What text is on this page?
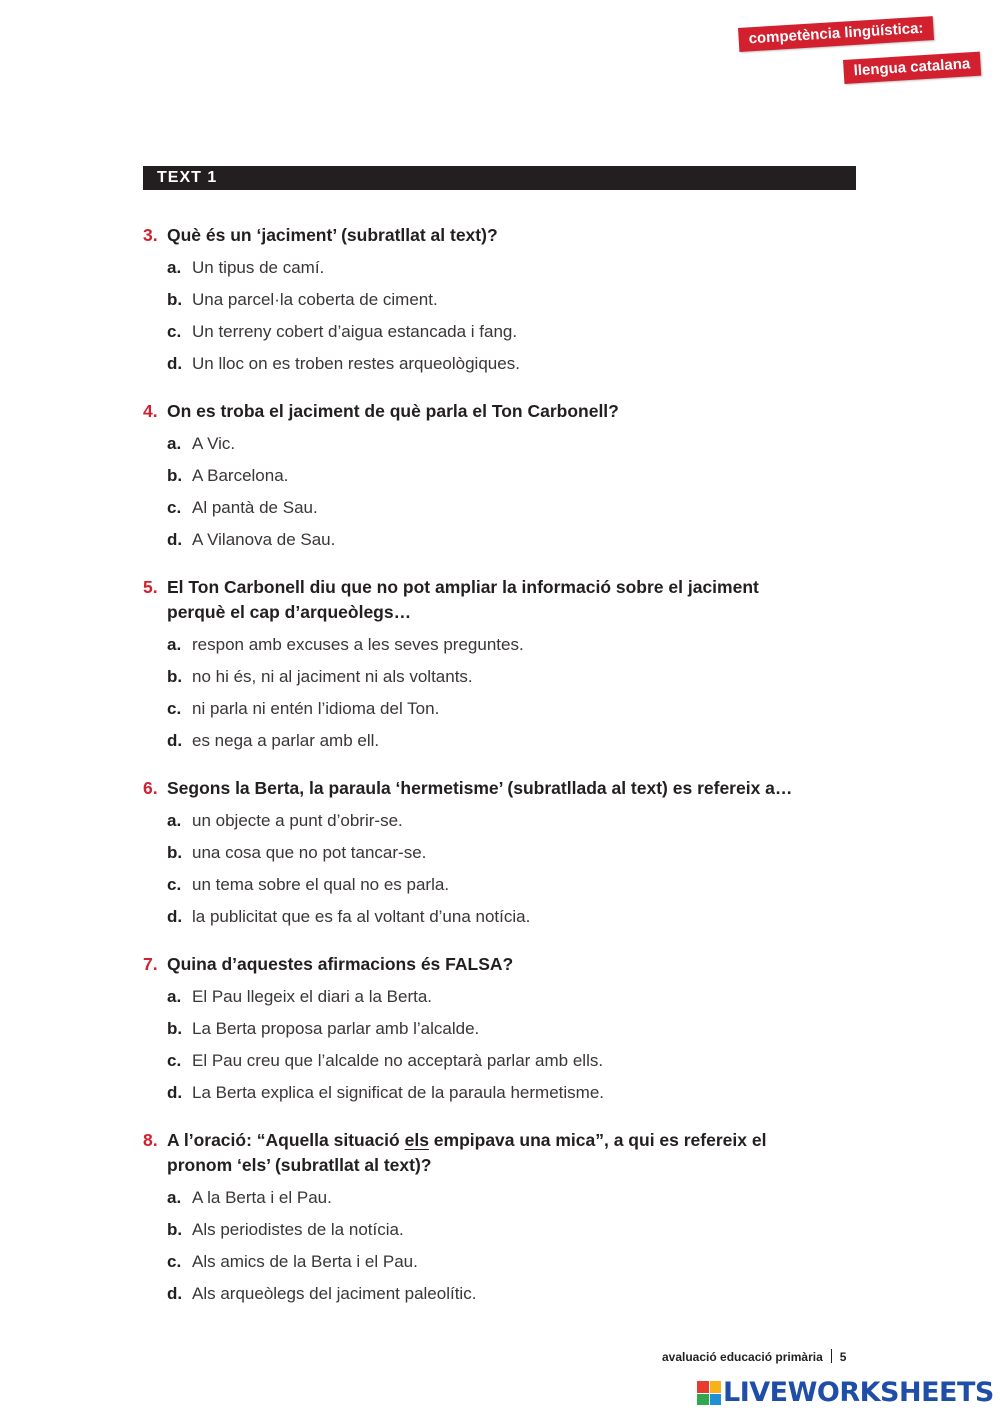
competència lingüística:
llengua catalana
TEXT 1
3. Què és un ‘jaciment’ (subratllat al text)?
a. Un tipus de camí.
b. Una parcel·la coberta de ciment.
c. Un terreny cobert d’aigua estancada i fang.
d. Un lloc on es troben restes arqueològiques.
4. On es troba el jaciment de què parla el Ton Carbonell?
a. A Vic.
b. A Barcelona.
c. Al pantà de Sau.
d. A Vilanova de Sau.
5. El Ton Carbonell diu que no pot ampliar la informació sobre el jaciment
perquè el cap d’arqueòlegs…
a. respon amb excuses a les seves preguntes.
b. no hi és, ni al jaciment ni als voltants.
c. ni parla ni entén l’idioma del Ton.
d. es nega a parlar amb ell.
6. Segons la Berta, la paraula ‘hermetisme’ (subratllada al text) es refereix a…
a. un objecte a punt d’obrir-se.
b. una cosa que no pot tancar-se.
c. un tema sobre el qual no es parla.
d. la publicitat que es fa al voltant d’una notícia.
7. Quina d’aquestes afirmacions és FALSA?
a. El Pau llegeix el diari a la Berta.
b. La Berta proposa parlar amb l’alcalde.
c. El Pau creu que l’alcalde no acceptarà parlar amb ells.
d. La Berta explica el significat de la paraula hermetisme.
8. A l’oració: “Aquella situació els empipava una mica”, a qui es refereix el
pronom ‘els’ (subratllat al text)?
a. A la Berta i el Pau.
b. Als periodistes de la notícia.
c. Als amics de la Berta i el Pau.
d. Als arqueòlegs del jaciment paleolític.
avaluació educació primària 5
LIVEWORKSHEETS
